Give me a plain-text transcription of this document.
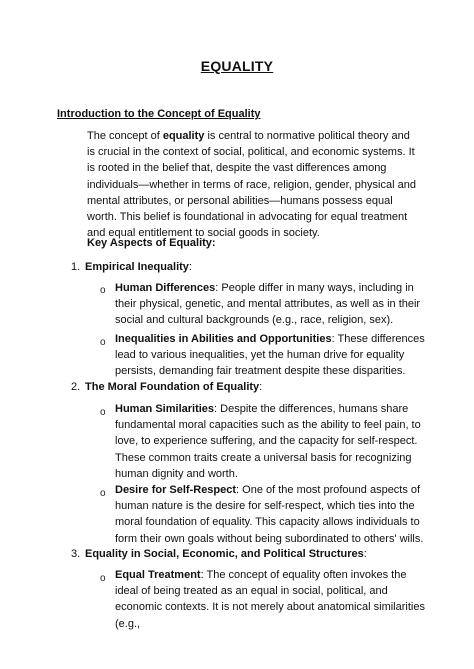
EQUALITY
Introduction to the Concept of Equality
The concept of equality is central to normative political theory and is crucial in the context of social, political, and economic systems. It is rooted in the belief that, despite the vast differences among individuals—whether in terms of race, religion, gender, physical and mental attributes, or personal abilities—humans possess equal worth. This belief is foundational in advocating for equal treatment and equal entitlement to social goods in society.
Key Aspects of Equality:
1. Empirical Inequality:
o Human Differences: People differ in many ways, including in their physical, genetic, and mental attributes, as well as in their social and cultural backgrounds (e.g., race, religion, sex).
o Inequalities in Abilities and Opportunities: These differences lead to various inequalities, yet the human drive for equality persists, demanding fair treatment despite these disparities.
2. The Moral Foundation of Equality:
o Human Similarities: Despite the differences, humans share fundamental moral capacities such as the ability to feel pain, to love, to experience suffering, and the capacity for self-respect. These common traits create a universal basis for recognizing human dignity and worth.
o Desire for Self-Respect: One of the most profound aspects of human nature is the desire for self-respect, which ties into the moral foundation of equality. This capacity allows individuals to form their own goals without being subordinated to others' wills.
3. Equality in Social, Economic, and Political Structures:
o Equal Treatment: The concept of equality often invokes the ideal of being treated as an equal in social, political, and economic contexts. It is not merely about anatomical similarities (e.g.,
